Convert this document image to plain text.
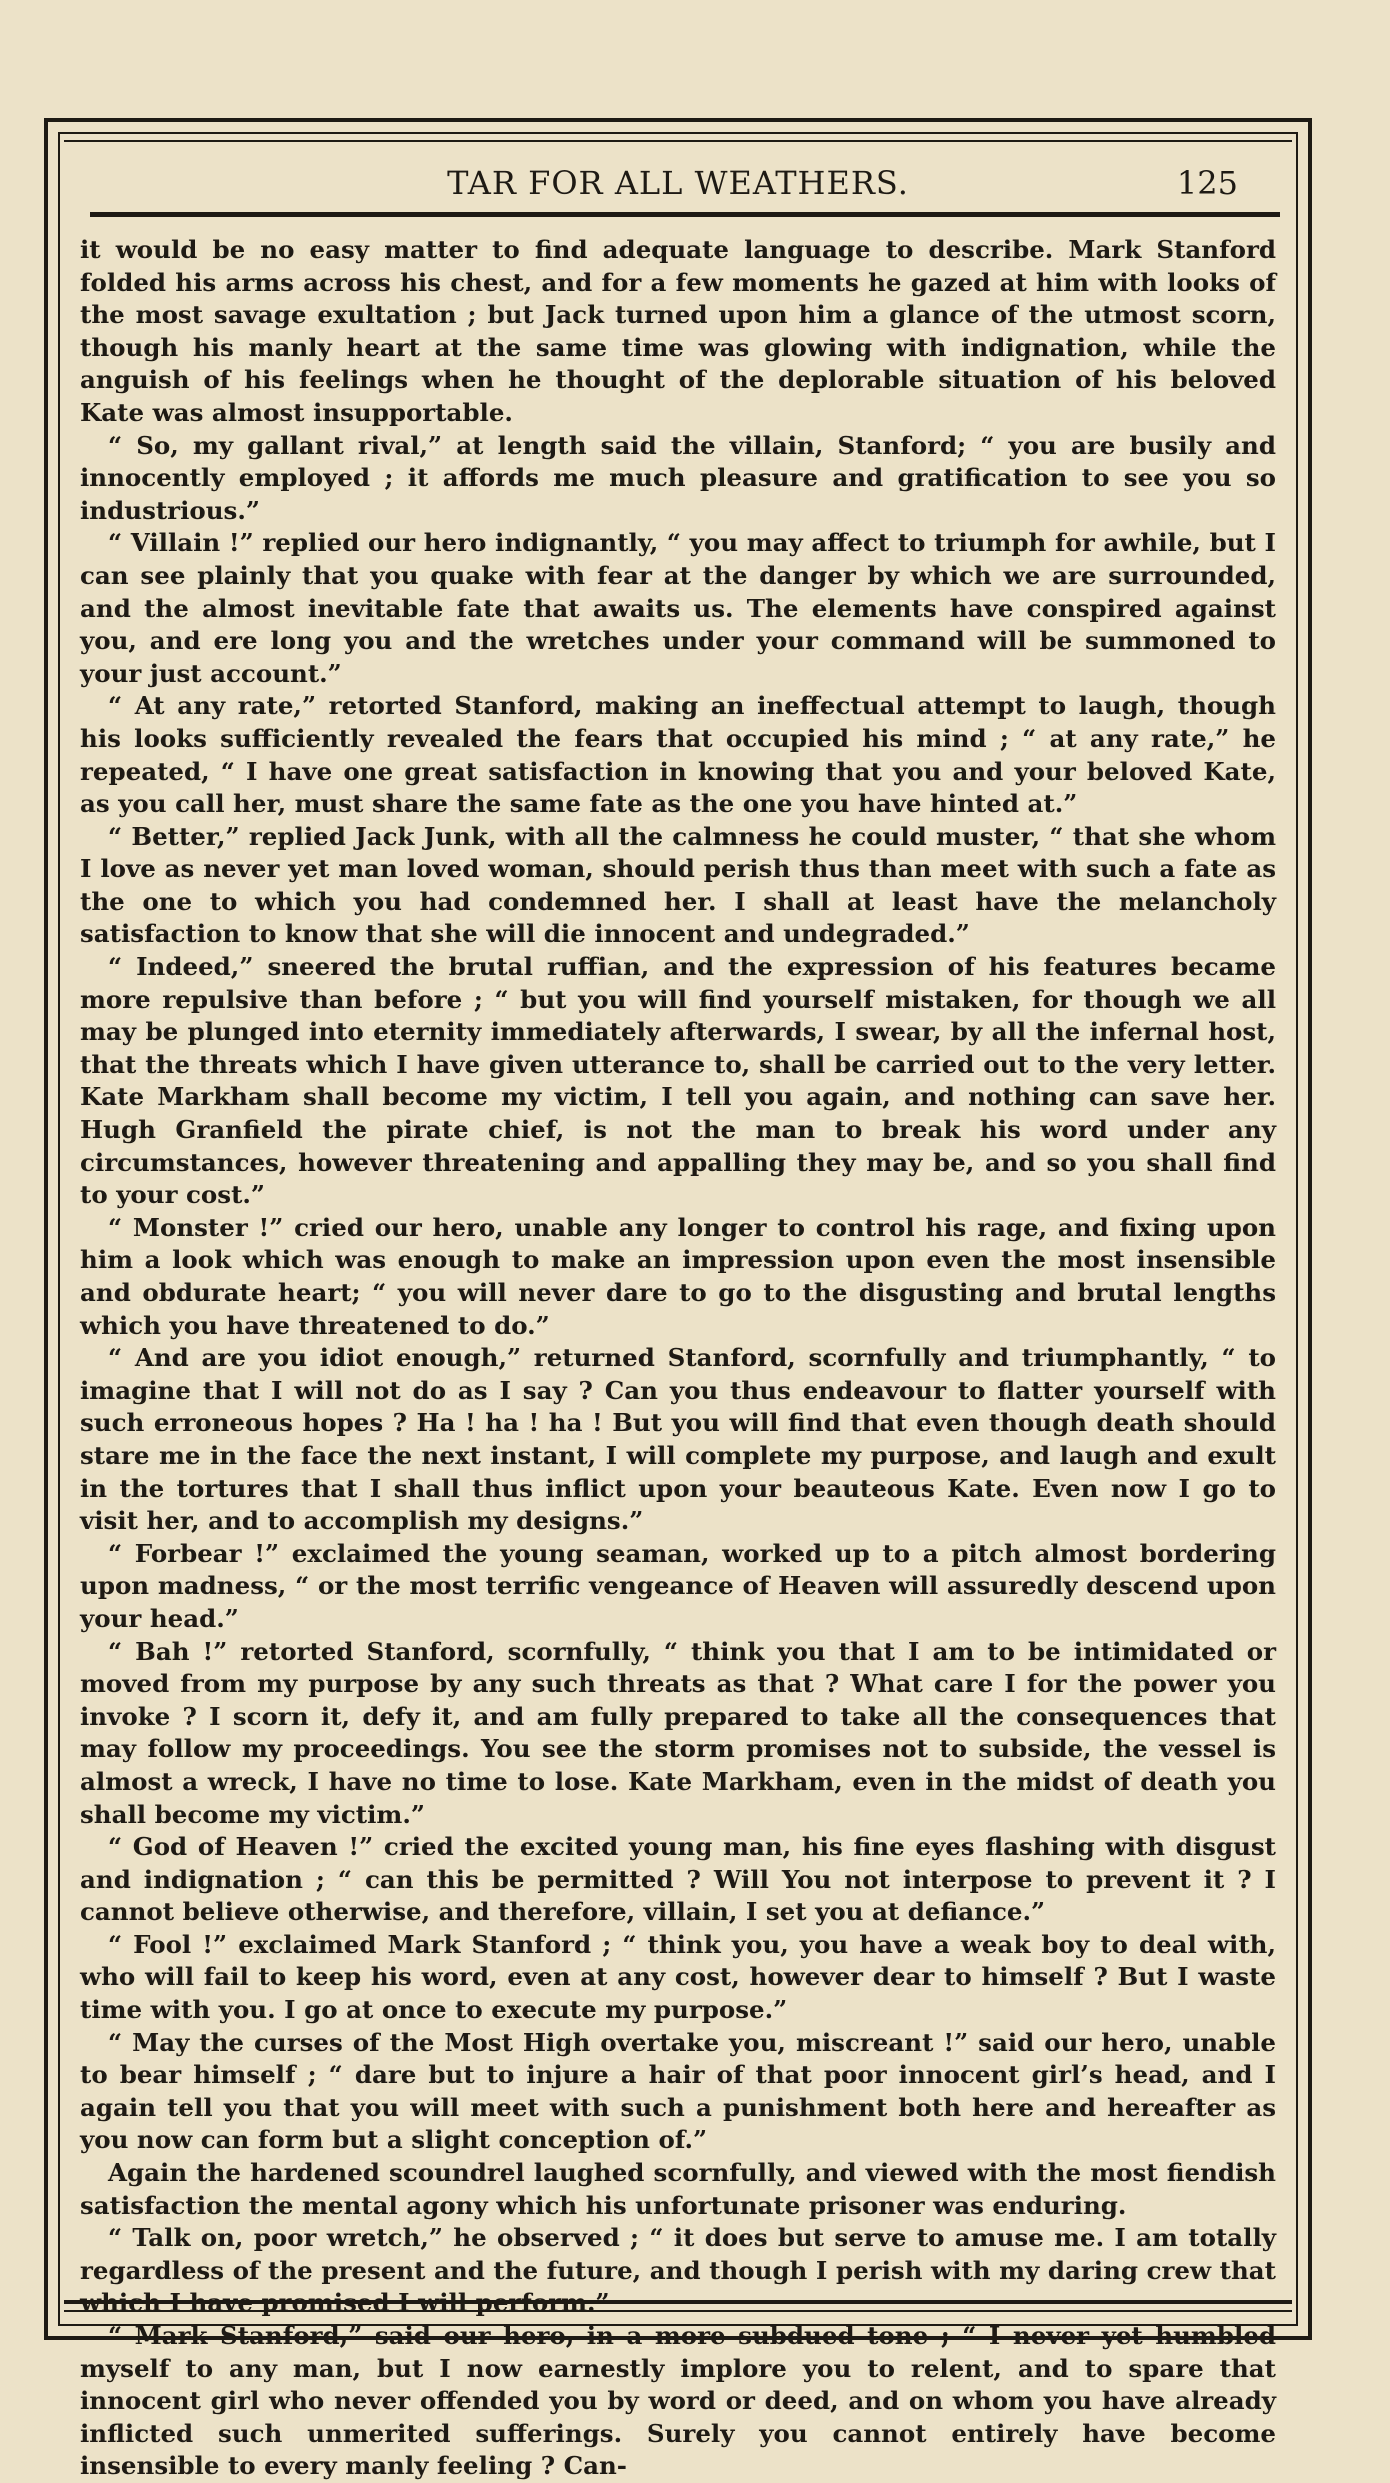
TAR FOR ALL WEATHERS.	125

it would be no easy matter to find adequate language to describe. Mark Stanford folded his arms across his chest, and for a few moments he gazed at him with looks of the most savage exultation ; but Jack turned upon him a glance of the utmost scorn, though his manly heart at the same time was glowing with indignation, while the anguish of his feelings when he thought of the deplorable situation of his beloved Kate was almost insupportable.

“ So, my gallant rival,” at length said the villain, Stanford; “ you are busily and innocently employed ; it affords me much pleasure and gratification to see you so industrious.”

“ Villain !” replied our hero indignantly, “ you may affect to triumph for awhile, but I can see plainly that you quake with fear at the danger by which we are surrounded, and the almost inevitable fate that awaits us. The elements have conspired against you, and ere long you and the wretches under your command will be summoned to your just account.”

“ At any rate,” retorted Stanford, making an ineffectual attempt to laugh, though his looks sufficiently revealed the fears that occupied his mind ; “ at any rate,” he repeated, “ I have one great satisfaction in knowing that you and your beloved Kate, as you call her, must share the same fate as the one you have hinted at.”

“ Better,” replied Jack Junk, with all the calmness he could muster, “ that she whom I love as never yet man loved woman, should perish thus than meet with such a fate as the one to which you had condemned her. I shall at least have the melancholy satisfaction to know that she will die innocent and undegraded.”

“ Indeed,” sneered the brutal ruffian, and the expression of his features became more repulsive than before ; “ but you will find yourself mistaken, for though we all may be plunged into eternity immediately afterwards, I swear, by all the infernal host, that the threats which I have given utterance to, shall be carried out to the very letter. Kate Markham shall become my victim, I tell you again, and nothing can save her. Hugh Granfield the pirate chief, is not the man to break his word under any circumstances, however threatening and appalling they may be, and so you shall find to your cost.”

“ Monster !” cried our hero, unable any longer to control his rage, and fixing upon him a look which was enough to make an impression upon even the most insensible and obdurate heart; “ you will never dare to go to the disgusting and brutal lengths which you have threatened to do.”

“ And are you idiot enough,” returned Stanford, scornfully and triumphantly, “ to imagine that I will not do as I say ? Can you thus endeavour to flatter yourself with such erroneous hopes ? Ha ! ha ! ha ! But you will find that even though death should stare me in the face the next instant, I will complete my purpose, and laugh and exult in the tortures that I shall thus inflict upon your beauteous Kate. Even now I go to visit her, and to accomplish my designs.”

“ Forbear !” exclaimed the young seaman, worked up to a pitch almost bordering upon madness, “ or the most terrific vengeance of Heaven will assuredly descend upon your head.”

“ Bah !” retorted Stanford, scornfully, “ think you that I am to be intimidated or moved from my purpose by any such threats as that ? What care I for the power you invoke ? I scorn it, defy it, and am fully prepared to take all the consequences that may follow my proceedings. You see the storm promises not to subside, the vessel is almost a wreck, I have no time to lose. Kate Markham, even in the midst of death you shall become my victim.”

“ God of Heaven !” cried the excited young man, his fine eyes flashing with disgust and indignation ; “ can this be permitted ? Will You not interpose to prevent it ? I cannot believe otherwise, and therefore, villain, I set you at defiance.”

“ Fool !” exclaimed Mark Stanford ; “ think you, you have a weak boy to deal with, who will fail to keep his word, even at any cost, however dear to himself ? But I waste time with you. I go at once to execute my purpose.”

“ May the curses of the Most High overtake you, miscreant !” said our hero, unable to bear himself ; “ dare but to injure a hair of that poor innocent girl’s head, and I again tell you that you will meet with such a punishment both here and hereafter as you now can form but a slight conception of.”

Again the hardened scoundrel laughed scornfully, and viewed with the most fiendish satisfaction the mental agony which his unfortunate prisoner was enduring.

“ Talk on, poor wretch,” he observed ; “ it does but serve to amuse me. I am totally regardless of the present and the future, and though I perish with my daring crew that

“ Mark Stanford,” said our hero, in a more subdued tone ; “ I never yet humbled myself to any man, but I now earnestly implore you to relent, and to spare that innocent girl who never offended you by word or deed, and on whom you have already inflicted such unmerited sufferings. Surely you cannot entirely have become insensible to every manly feeling ? Can-
